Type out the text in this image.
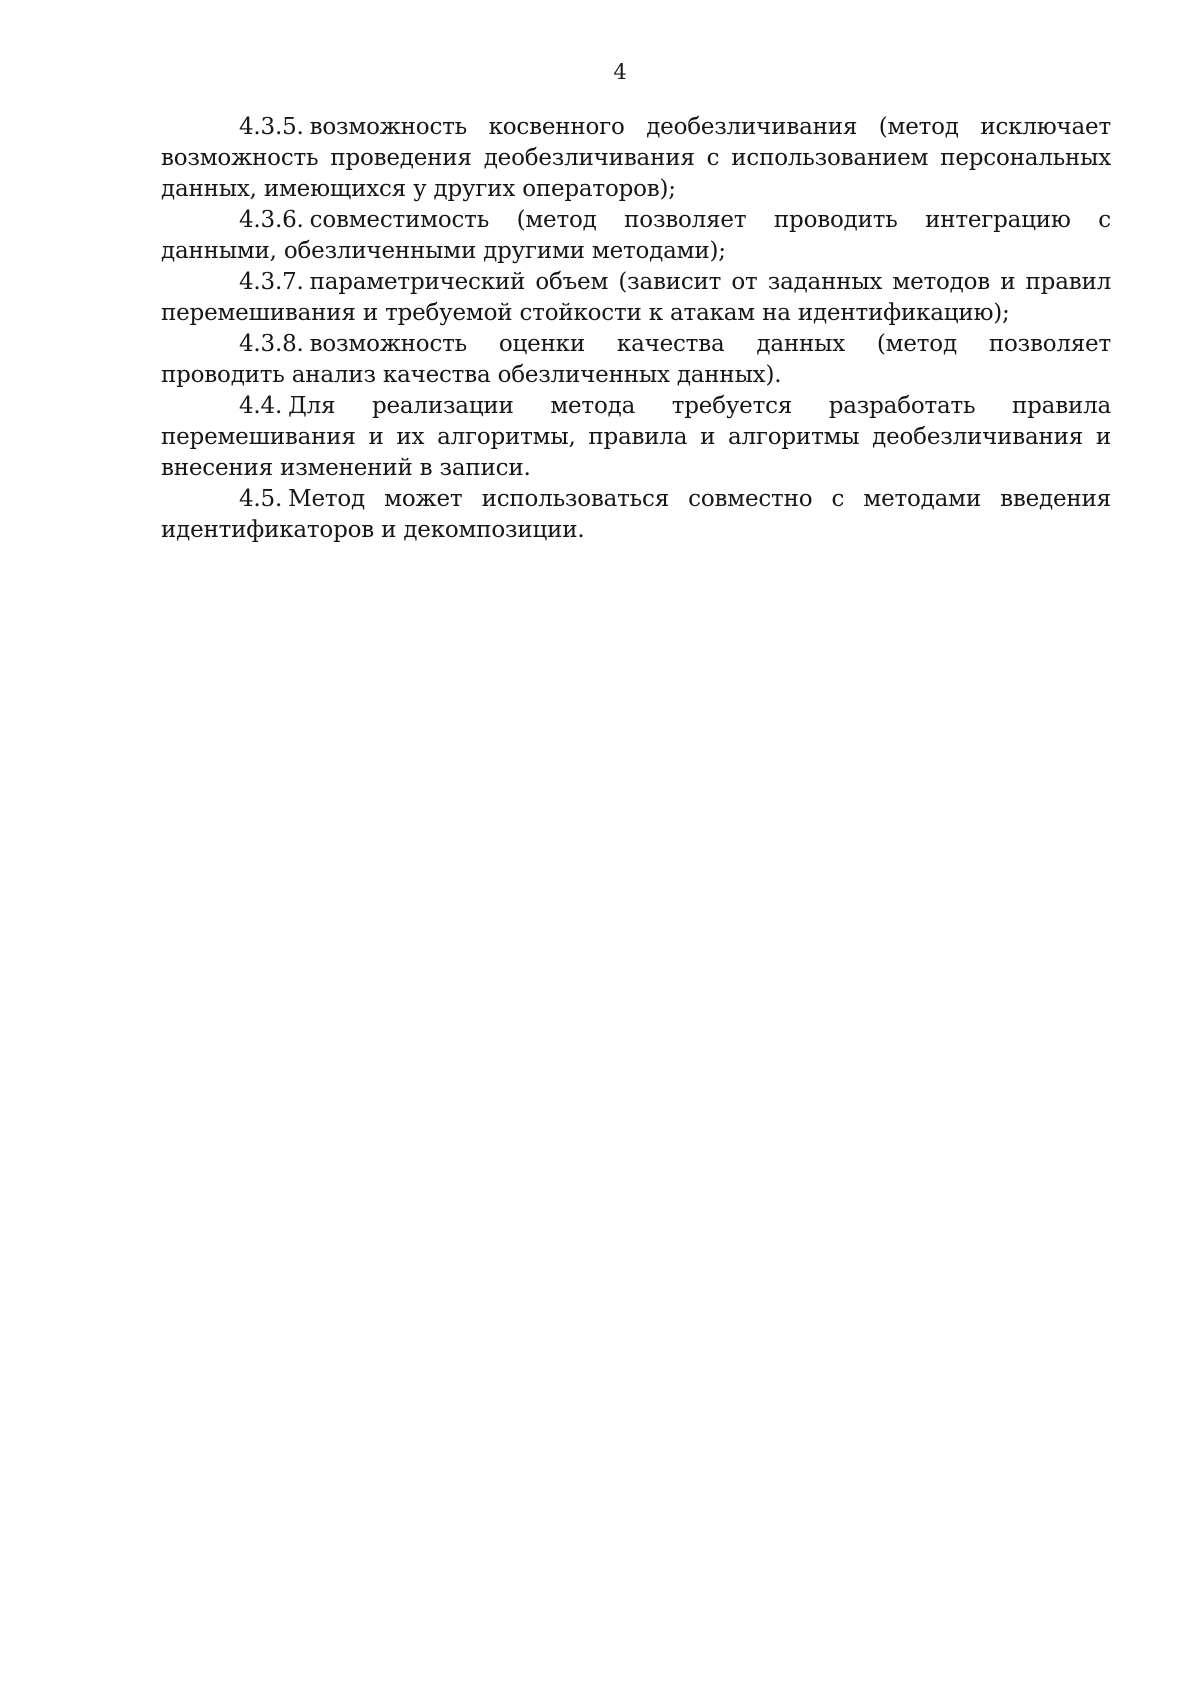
4

4.3.5. возможность косвенного деобезличивания (метод исключает возможность проведения деобезличивания с использованием персональных данных, имеющихся у других операторов);

4.3.6. совместимость (метод позволяет проводить интеграцию с данными, обезличенными другими методами);

4.3.7. параметрический объем (зависит от заданных методов и правил перемешивания и требуемой стойкости к атакам на идентификацию);

4.3.8. возможность оценки качества данных (метод позволяет проводить анализ качества обезличенных данных).

4.4. Для реализации метода требуется разработать правила перемешивания и их алгоритмы, правила и алгоритмы деобезличивания и внесения изменений в записи.

4.5. Метод может использоваться совместно с методами введения идентификаторов и декомпозиции.
